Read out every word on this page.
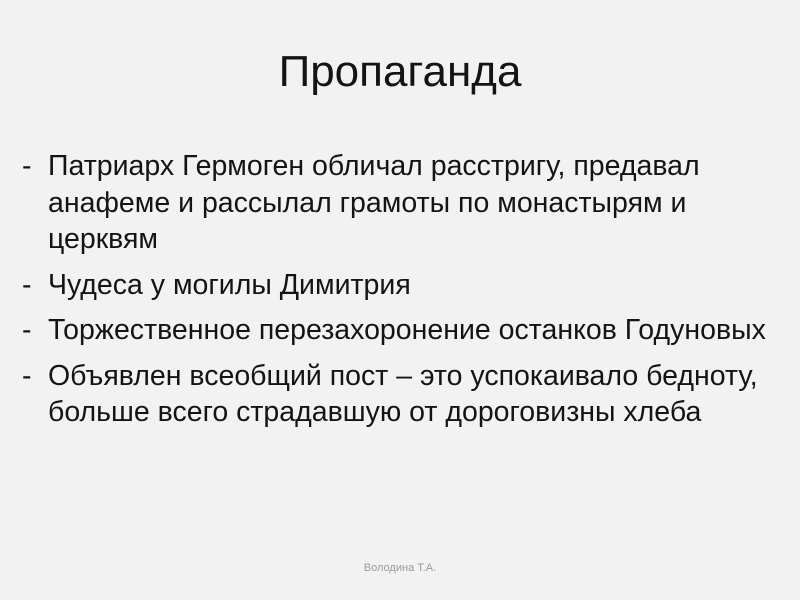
Пропаганда
- Патриарх Гермоген обличал расстригу, предавал анафеме и рассылал грамоты по монастырям и церквям
- Чудеса у могилы Димитрия
- Торжественное перезахоронение останков Годуновых
- Объявлен всеобщий пост – это успокаивало бедноту, больше всего страдавшую от дороговизны хлеба
Володина Т.А.
